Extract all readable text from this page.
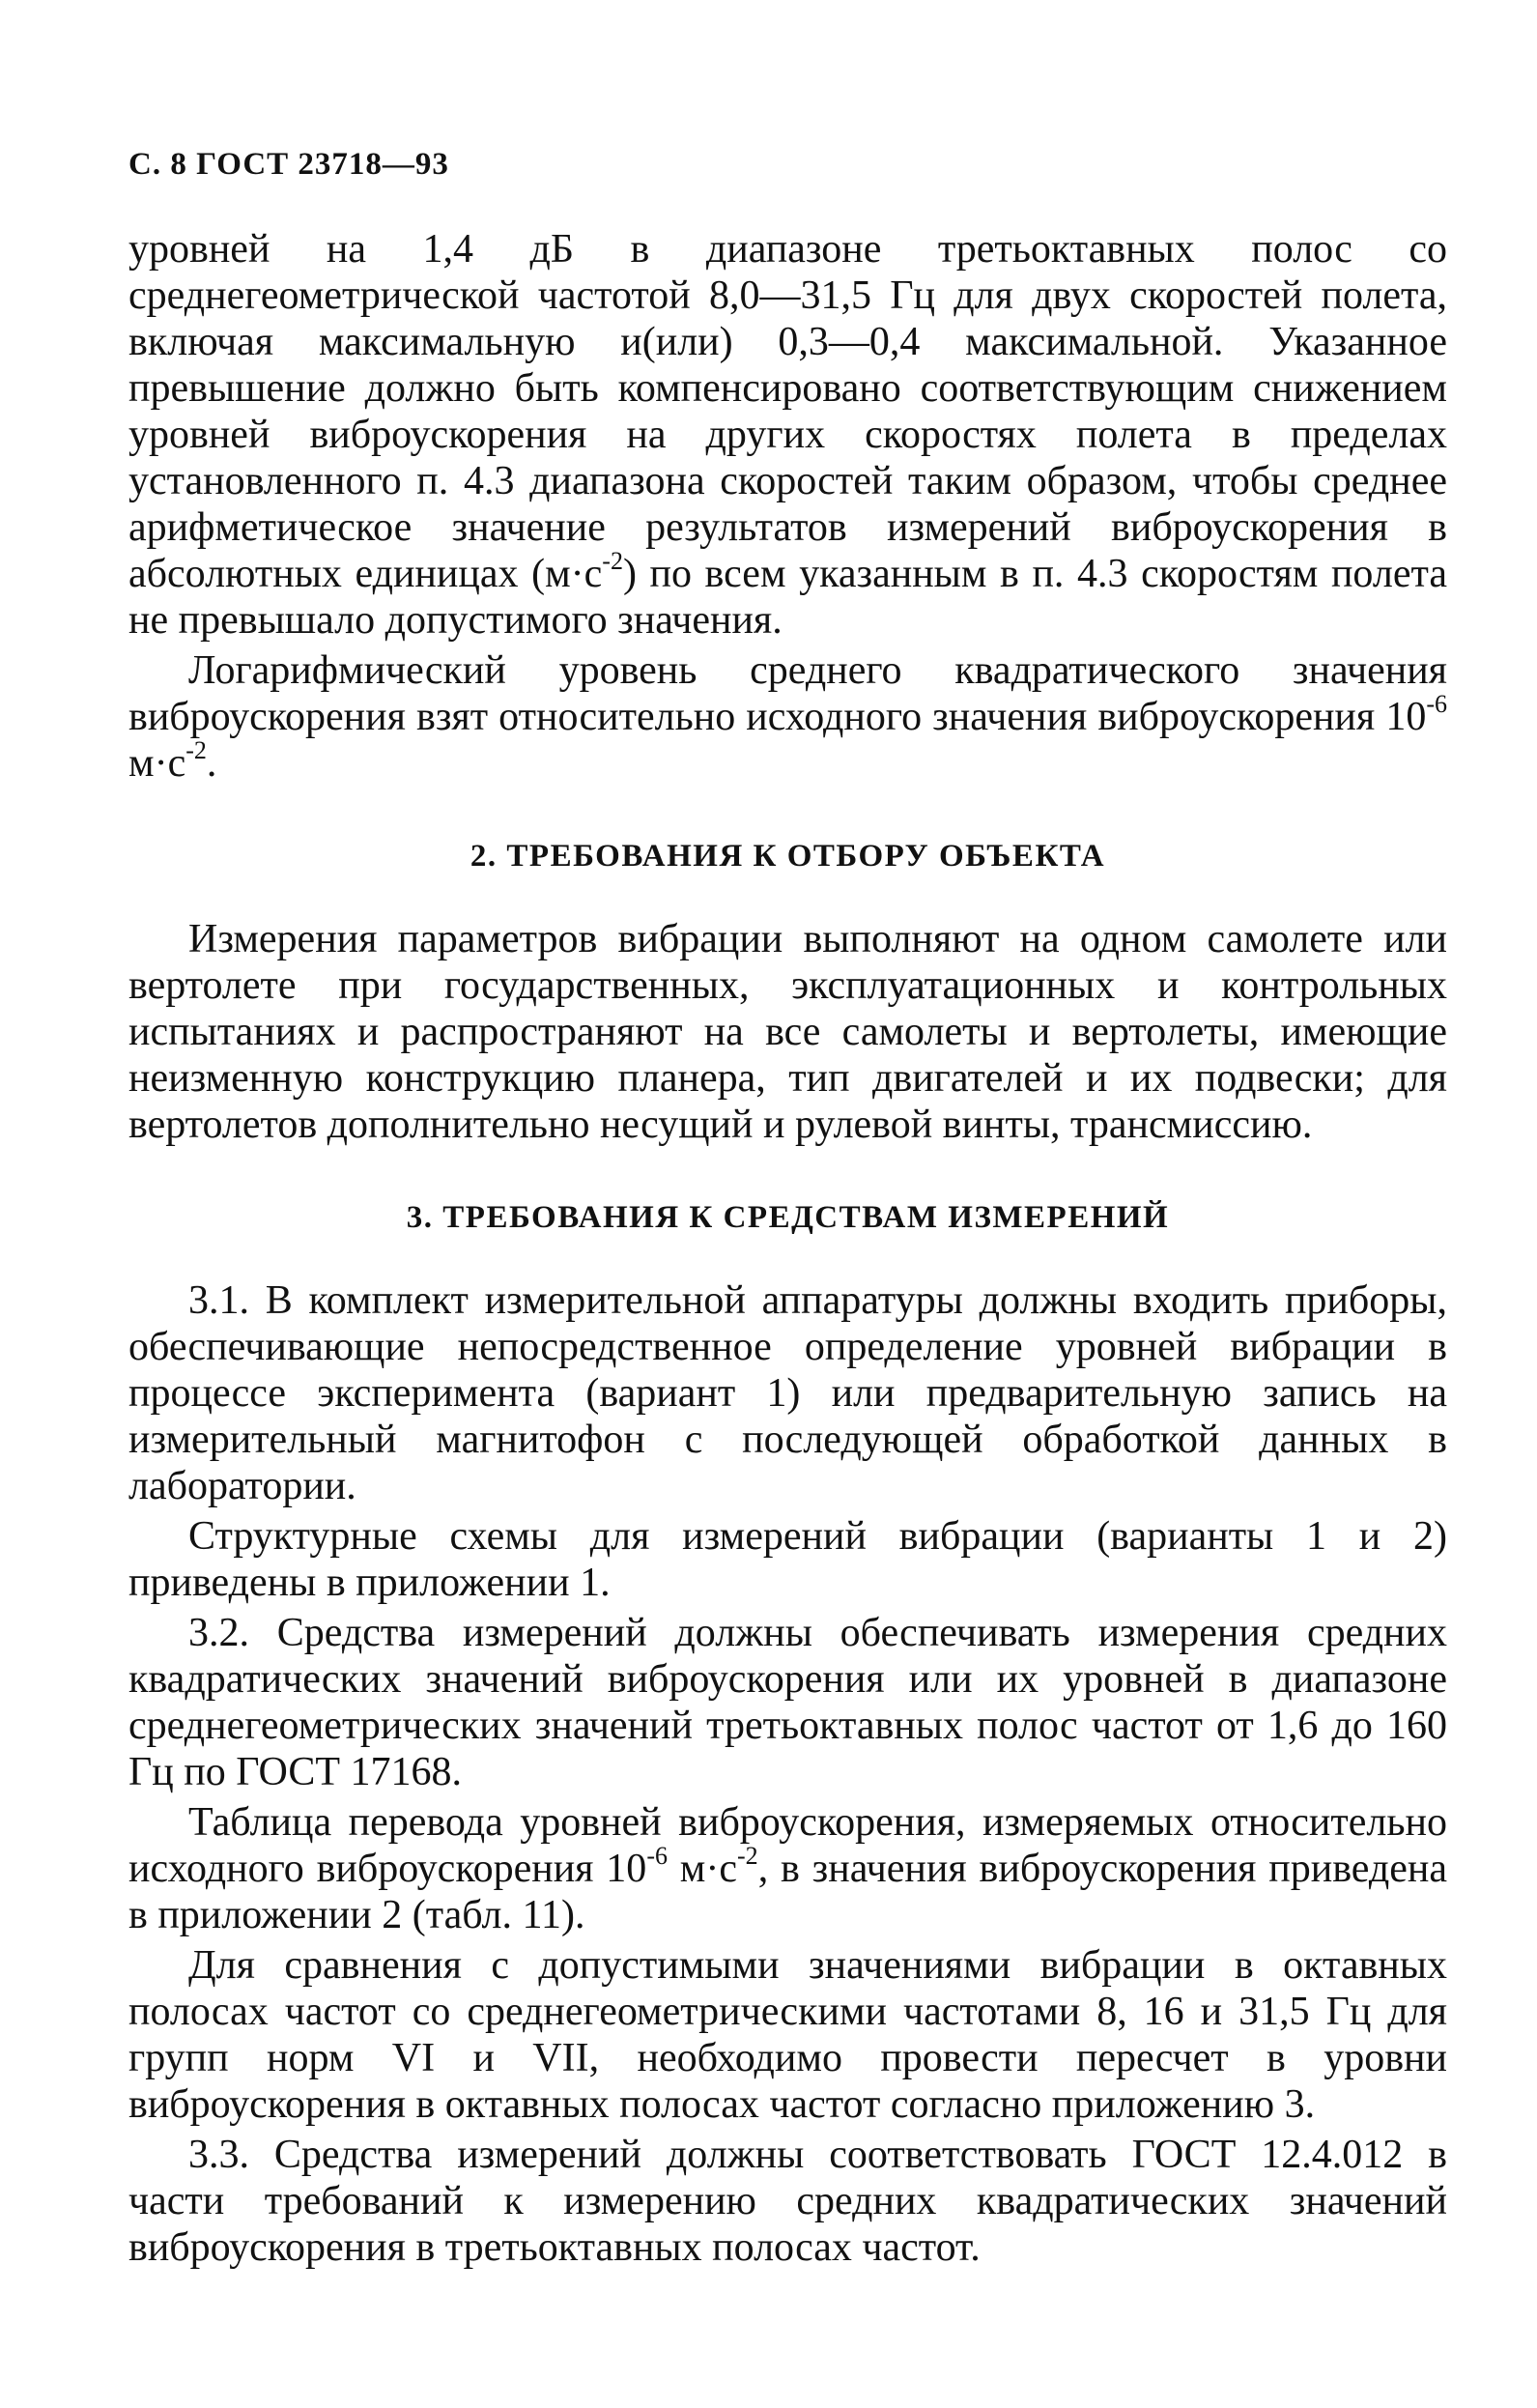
С. 8 ГОСТ 23718—93

уровней на 1,4 дБ в диапазоне третьоктавных полос со среднегеометрической частотой 8,0—31,5 Гц для двух скоростей полета, включая максимальную и(или) 0,3—0,4 максимальной. Указанное превышение должно быть компенсировано соответствующим снижением уровней виброускорения на других скоростях полета в пределах установленного п. 4.3 диапазона скоростей таким образом, чтобы среднее арифметическое значение результатов измерений виброускорения в абсолютных единицах $(м\cdot с^{-2})$ по всем указанным в п. 4.3 скоростям полета не превышало допустимого значения.

Логарифмический уровень среднего квадратического значения виброускорения взят относительно исходного значения виброускорения $10^{-6}$ $м\cdot с^{-2}$.

2. ТРЕБОВАНИЯ К ОТБОРУ ОБЪЕКТА

Измерения параметров вибрации выполняют на одном самолете или вертолете при государственных, эксплуатационных и контрольных испытаниях и распространяют на все самолеты и вертолеты, имеющие неизменную конструкцию планера, тип двигателей и их подвески; для вертолетов дополнительно несущий и рулевой винты, трансмиссию.

3. ТРЕБОВАНИЯ К СРЕДСТВАМ ИЗМЕРЕНИЙ

3.1. В комплект измерительной аппаратуры должны входить приборы, обеспечивающие непосредственное определение уровней вибрации в процессе эксперимента (вариант 1) или предварительную запись на измерительный магнитофон с последующей обработкой данных в лаборатории.

Структурные схемы для измерений вибрации (варианты 1 и 2) приведены в приложении 1.

3.2. Средства измерений должны обеспечивать измерения средних квадратических значений виброускорения или их уровней в диапазоне среднегеометрических значений третьоктавных полос частот от 1,6 до 160 Гц по ГОСТ 17168.

Таблица перевода уровней виброускорения, измеряемых относительно исходного виброускорения $10^{-6}$ $м\cdot с^{-2}$, в значения виброускорения приведена в приложении 2 (табл. 11).

Для сравнения с допустимыми значениями вибрации в октавных полосах частот со среднегеометрическими частотами 8, 16 и 31,5 Гц для групп норм VI и VII, необходимо провести пересчет в уровни виброускорения в октавных полосах частот согласно приложению 3.

3.3. Средства измерений должны соответствовать ГОСТ 12.4.012 в части требований к измерению средних квадратических значений виброускорения в третьоктавных полосах частот.
